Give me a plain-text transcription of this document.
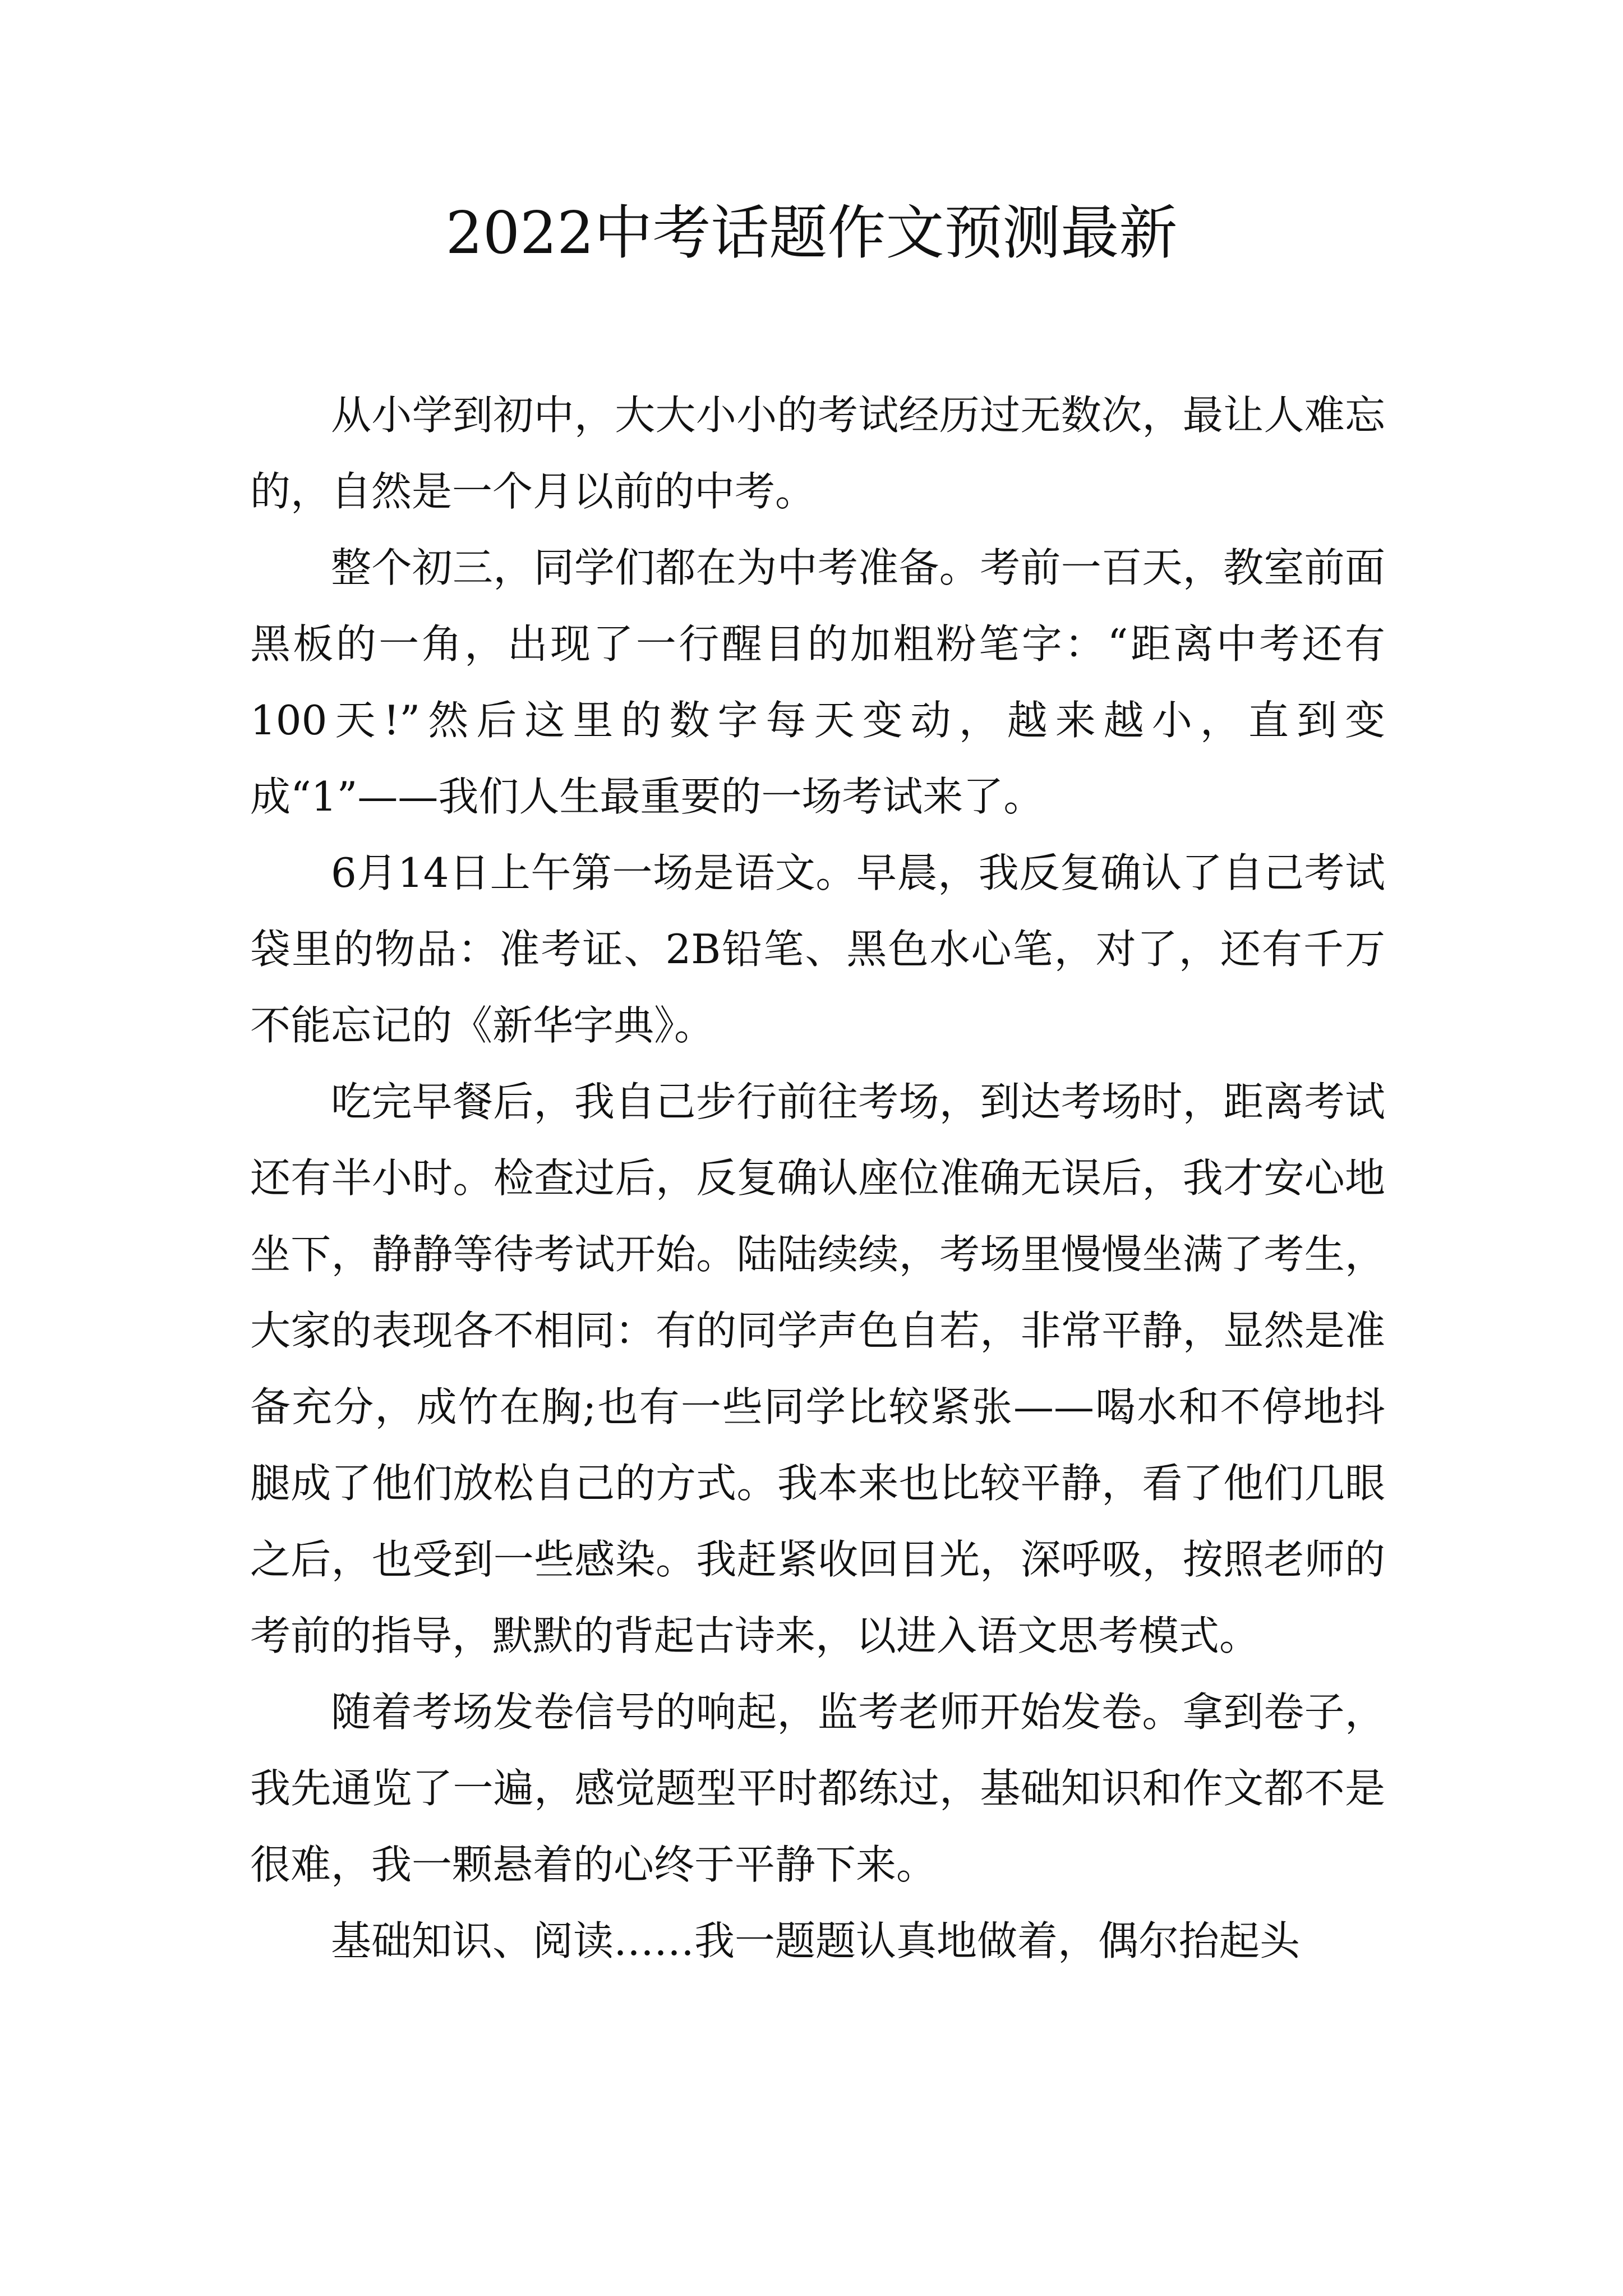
2022中考话题作文预测最新

从小学到初中，大大小小的考试经历过无数次，最让人难忘的，自然是一个月以前的中考。

整个初三，同学们都在为中考准备。考前一百天，教室前面黑板的一角，出现了一行醒目的加粗粉笔字：“距离中考还有100天!”然后这里的数字每天变动，越来越小，直到变成“1”——我们人生最重要的一场考试来了。

6月14日上午第一场是语文。早晨，我反复确认了自己考试袋里的物品：准考证、2B铅笔、黑色水心笔，对了，还有千万不能忘记的《新华字典》。

吃完早餐后，我自己步行前往考场，到达考场时，距离考试还有半小时。检查过后，反复确认座位准确无误后，我才安心地坐下，静静等待考试开始。陆陆续续，考场里慢慢坐满了考生，大家的表现各不相同：有的同学声色自若，非常平静，显然是准备充分，成竹在胸;也有一些同学比较紧张——喝水和不停地抖腿成了他们放松自己的方式。我本来也比较平静，看了他们几眼之后，也受到一些感染。我赶紧收回目光，深呼吸，按照老师的考前的指导，默默的背起古诗来，以进入语文思考模式。

随着考场发卷信号的响起，监考老师开始发卷。拿到卷子，我先通览了一遍，感觉题型平时都练过，基础知识和作文都不是很难，我一颗悬着的心终于平静下来。

基础知识、阅读……我一题题认真地做着，偶尔抬起头
